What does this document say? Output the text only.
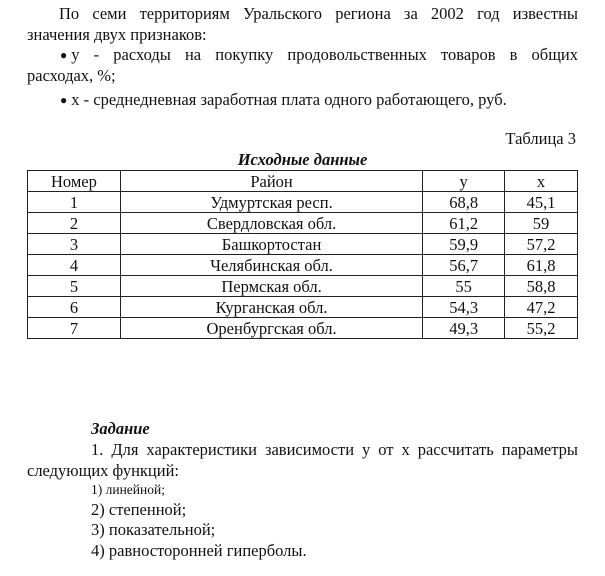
По семи территориям Уральского региона за 2002 год известны
значения двух признаков:
● у - расходы на покупку продовольственных товаров в общих
расходах, %;
● х - среднедневная заработная плата одного работающего, руб.
Таблица 3
Исходные данные
Номер	Район	y	x
1	Удмуртская респ.	68,8	45,1
2	Свердловская обл.	61,2	59
3	Башкортостан	59,9	57,2
4	Челябинская обл.	56,7	61,8
5	Пермская обл.	55	58,8
6	Курганская обл.	54,3	47,2
7	Оренбургская обл.	49,3	55,2
Задание
1. Для характеристики зависимости у от х рассчитать параметры
следующих функций:
1) линейной;
2) степенной;
3) показательной;
4) равносторонней гиперболы.
